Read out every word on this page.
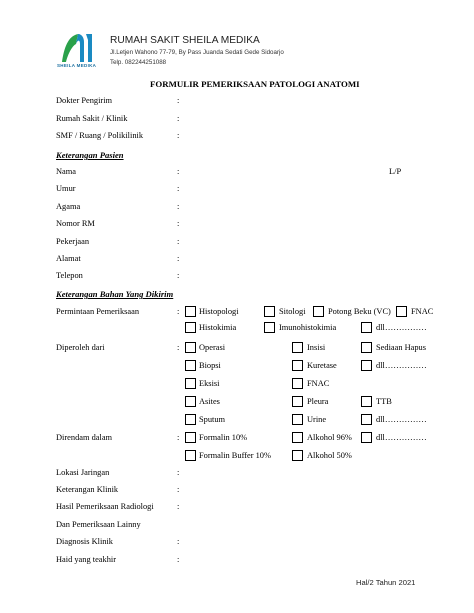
SHEILA MEDIKA
RUMAH SAKIT SHEILA MEDIKA
Jl.Letjen Wahono 77-79, By Pass Juanda Sedati Gede Sidoarjo
Telp. 082244251088
FORMULIR PEMERIKSAAN PATOLOGI ANATOMI
Dokter Pengirim	:
Rumah Sakit / Klinik	:
SMF / Ruang / Polikilinik	:
Keterangan Pasien
Nama	:	L/P
Umur	:
Agama	:
Nomor RM	:
Pekerjaan	:
Alamat	:
Telepon	:
Keterangan Bahan Yang Dikirim
Permintaan Pemeriksaan	: Histopologi	Sitologi	Potong Beku (VC) FNAC
Histokimia	Imunohistokimia	dll……………
Diperoleh dari	: Operasi	Insisi	Sediaan Hapus
Biopsi	Kuretase	dll……………
Eksisi	FNAC
Asites	Pleura	TTB
Sputum	Urine	dll……………
Direndam dalam	: Formalin 10%	Alkohol 96%	dll……………
Formalin Buffer 10%	Alkohol 50%
Lokasi Jaringan	:
Keterangan Klinik	:
Hasil Pemeriksaan Radiologi	:
Dan Pemeriksaan Lainny
Diagnosis Klinik	:
Haid yang teakhir	:
Hal/2 Tahun 2021
